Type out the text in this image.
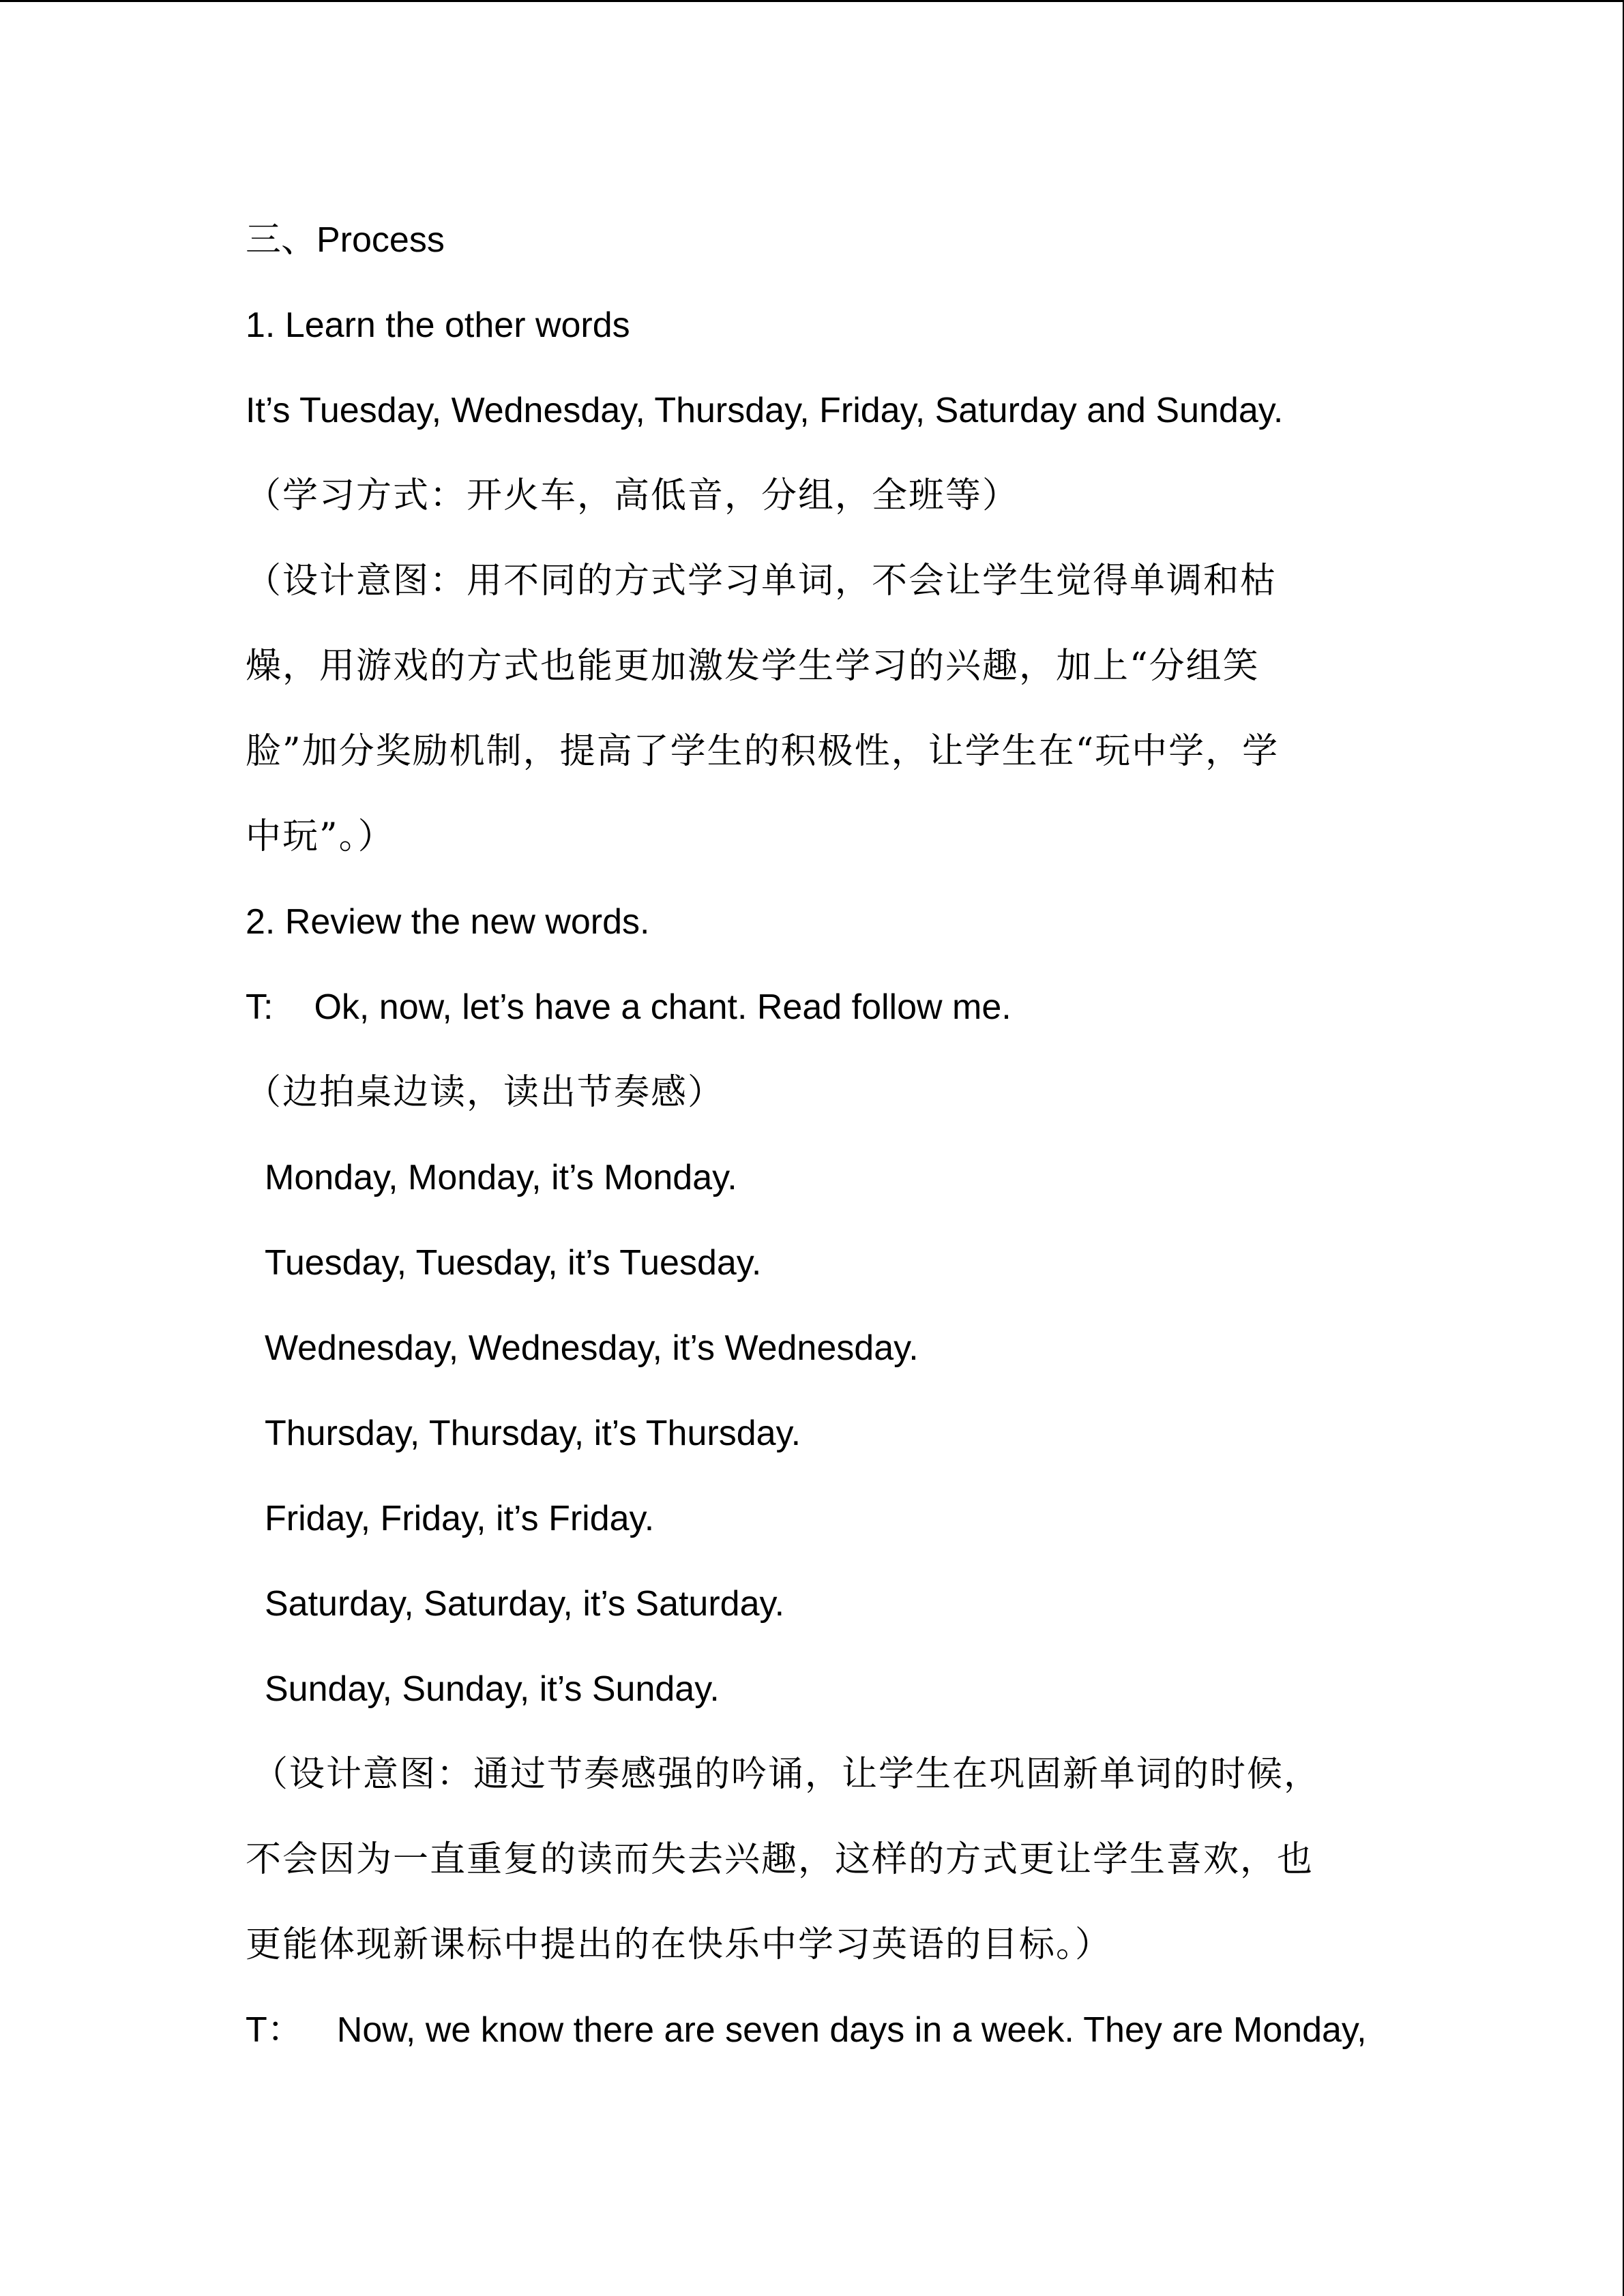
三、Process
1. Learn the other words
It’s Tuesday, Wednesday, Thursday, Friday, Saturday and Sunday.
（学习方式：开火车，高低音，分组，全班等）
（设计意图：用不同的方式学习单词，不会让学生觉得单调和枯
燥，用游戏的方式也能更加激发学生学习的兴趣，加上“分组笑
脸”加分奖励机制，提高了学生的积极性，让学生在“玩中学，学
中玩”。）
2. Review the new words.
T: Ok, now, let’s have a chant. Read follow me.
（边拍桌边读，读出节奏感）
Monday, Monday, it’s Monday.
Tuesday, Tuesday, it’s Tuesday.
Wednesday, Wednesday, it’s Wednesday.
Thursday, Thursday, it’s Thursday.
Friday, Friday, it’s Friday.
Saturday, Saturday, it’s Saturday.
Sunday, Sunday, it’s Sunday.
（设计意图：通过节奏感强的吟诵，让学生在巩固新单词的时候，
不会因为一直重复的读而失去兴趣，这样的方式更让学生喜欢，也
更能体现新课标中提出的在快乐中学习英语的目标。）
T： Now, we know there are seven days in a week. They are Monday,
